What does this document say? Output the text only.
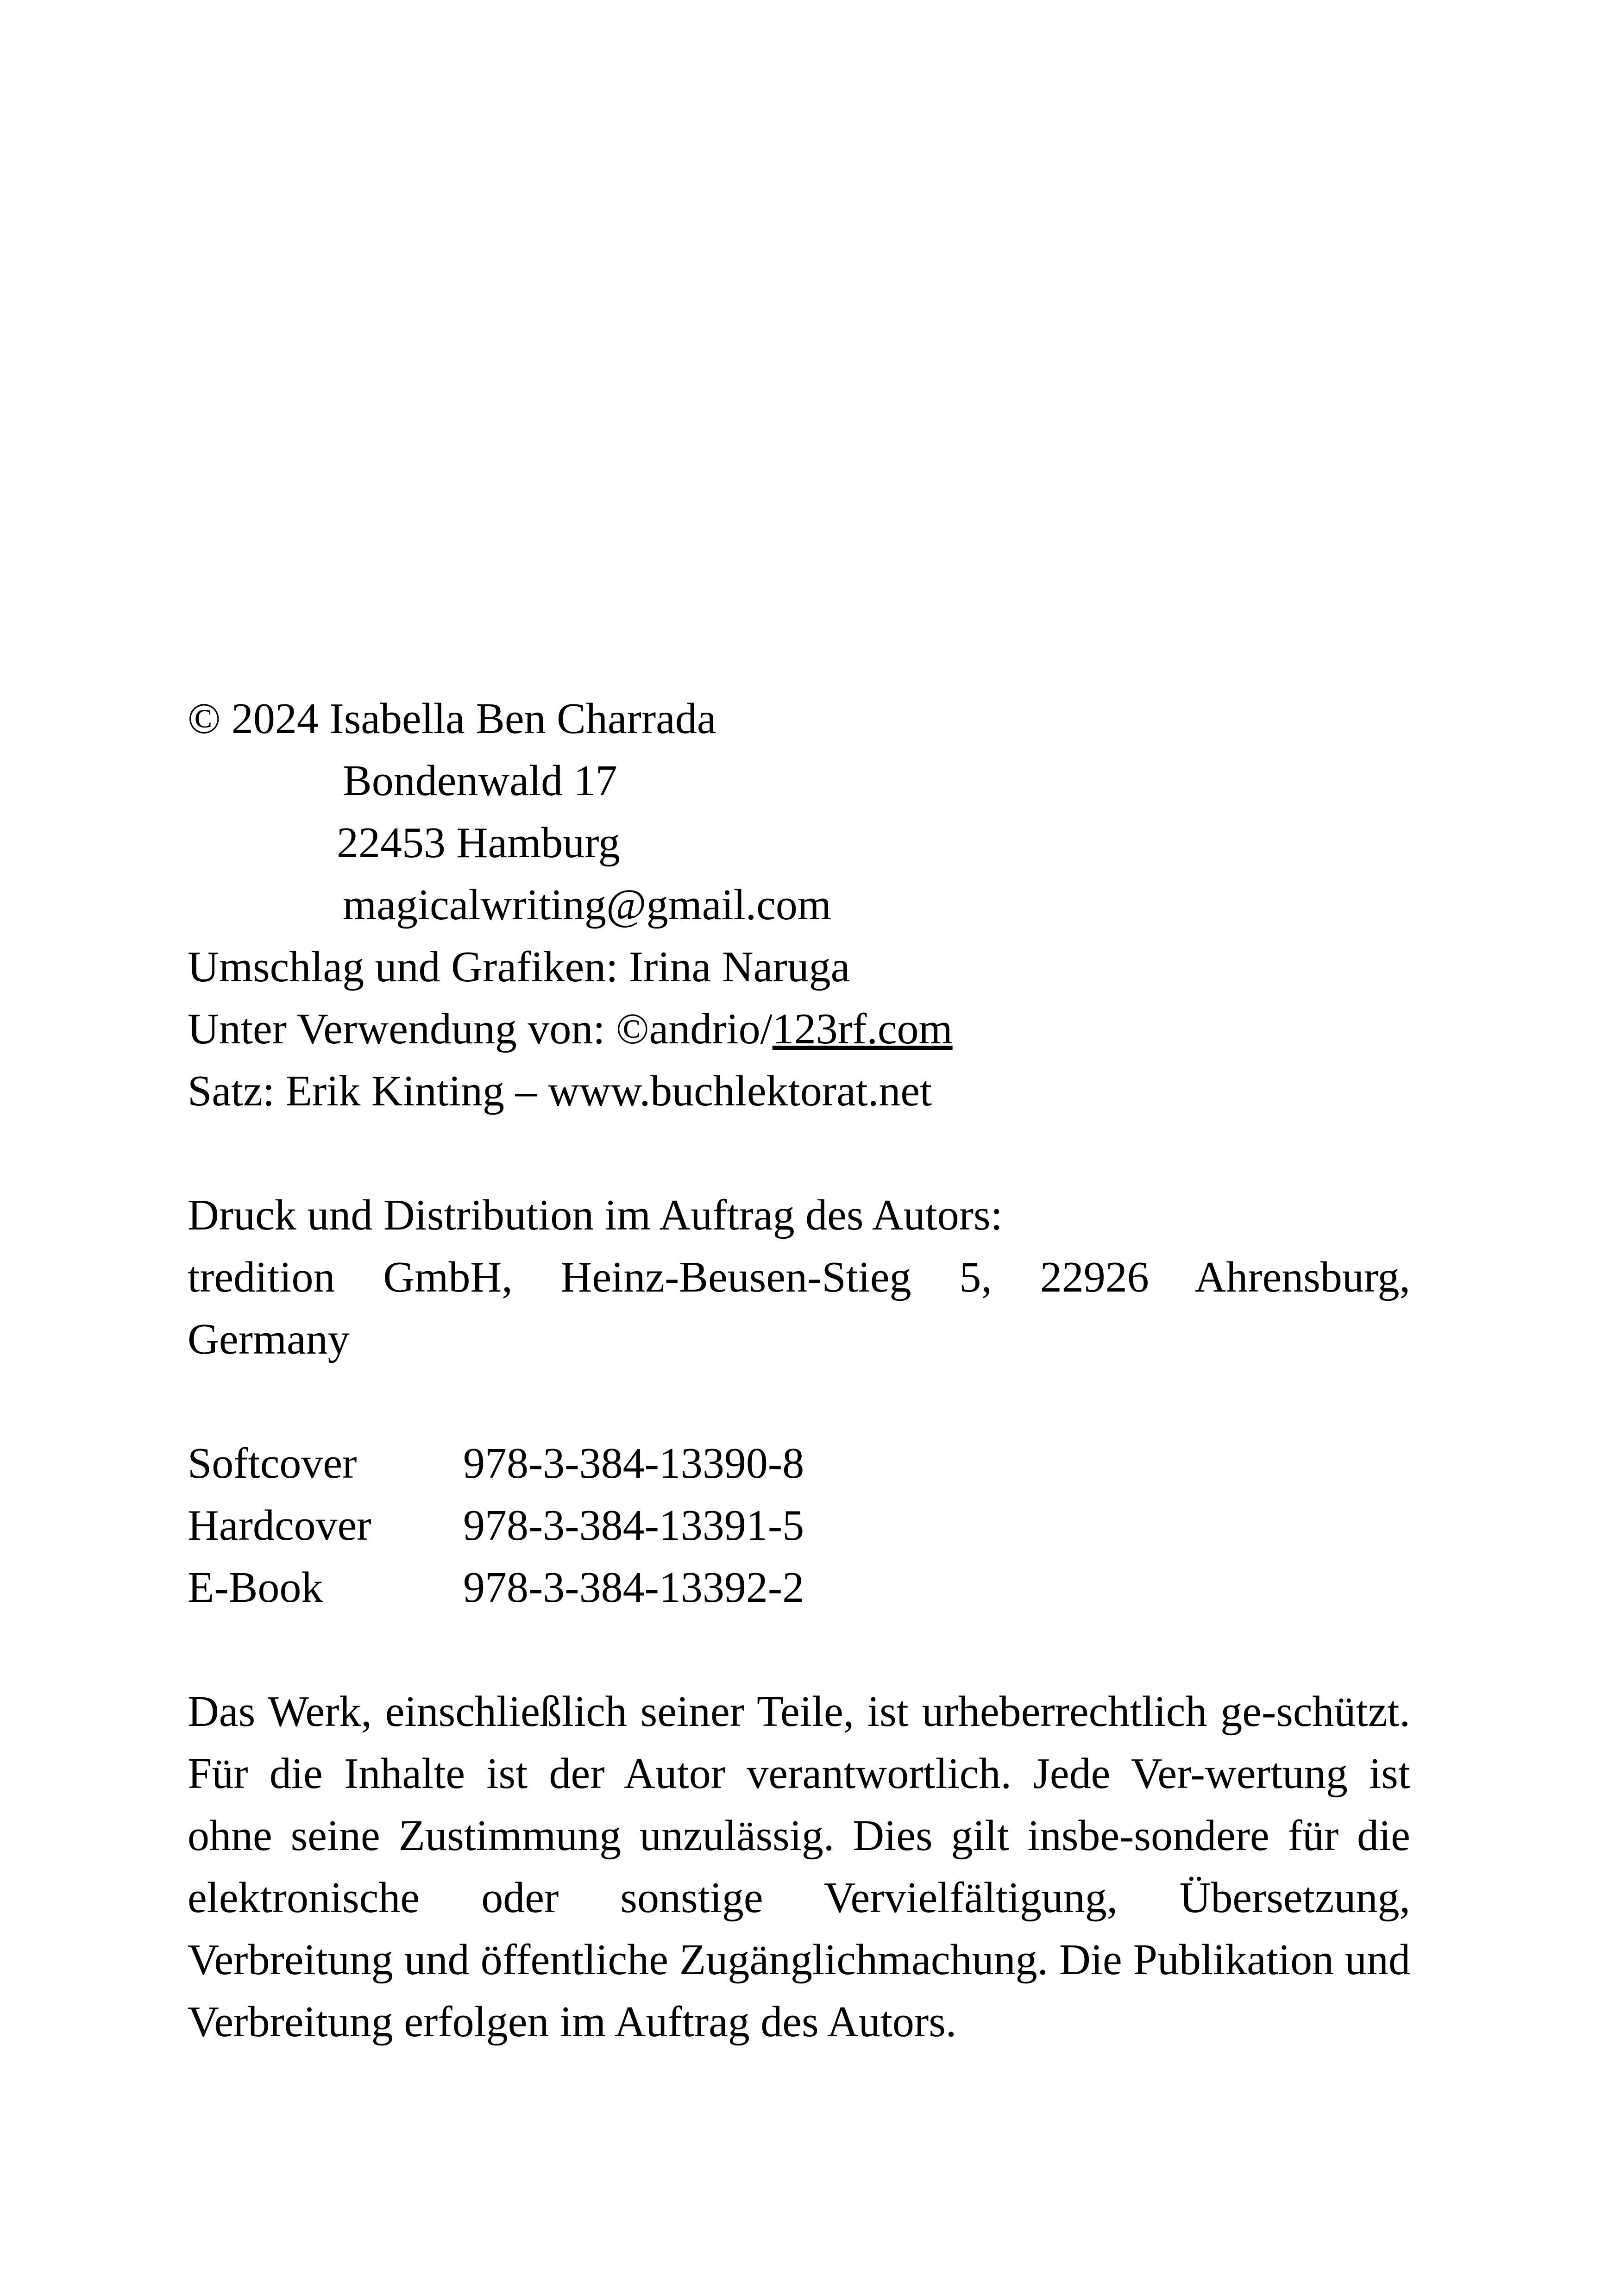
© 2024 Isabella Ben Charrada
Bondenwald 17
22453 Hamburg
magicalwriting@gmail.com
Umschlag und Grafiken: Irina Naruga
Unter Verwendung von: ©andrio/123rf.com
Satz: Erik Kinting – www.buchlektorat.net
Druck und Distribution im Auftrag des Autors:
tredition GmbH, Heinz-Beusen-Stieg 5, 22926 Ahrensburg,
Germany
Softcover	978-3-384-13390-8
Hardcover	978-3-384-13391-5
E-Book	978-3-384-13392-2

Das Werk, einschließlich seiner Teile, ist urheberrechtlich ge-schützt. Für die Inhalte ist der Autor verantwortlich. Jede Ver-wertung ist ohne seine Zustimmung unzulässig. Dies gilt insbe-sondere für die elektronische oder sonstige Vervielfältigung, Übersetzung, Verbreitung und öffentliche Zugänglichmachung. Die Publikation und Verbreitung erfolgen im Auftrag des Autors.
